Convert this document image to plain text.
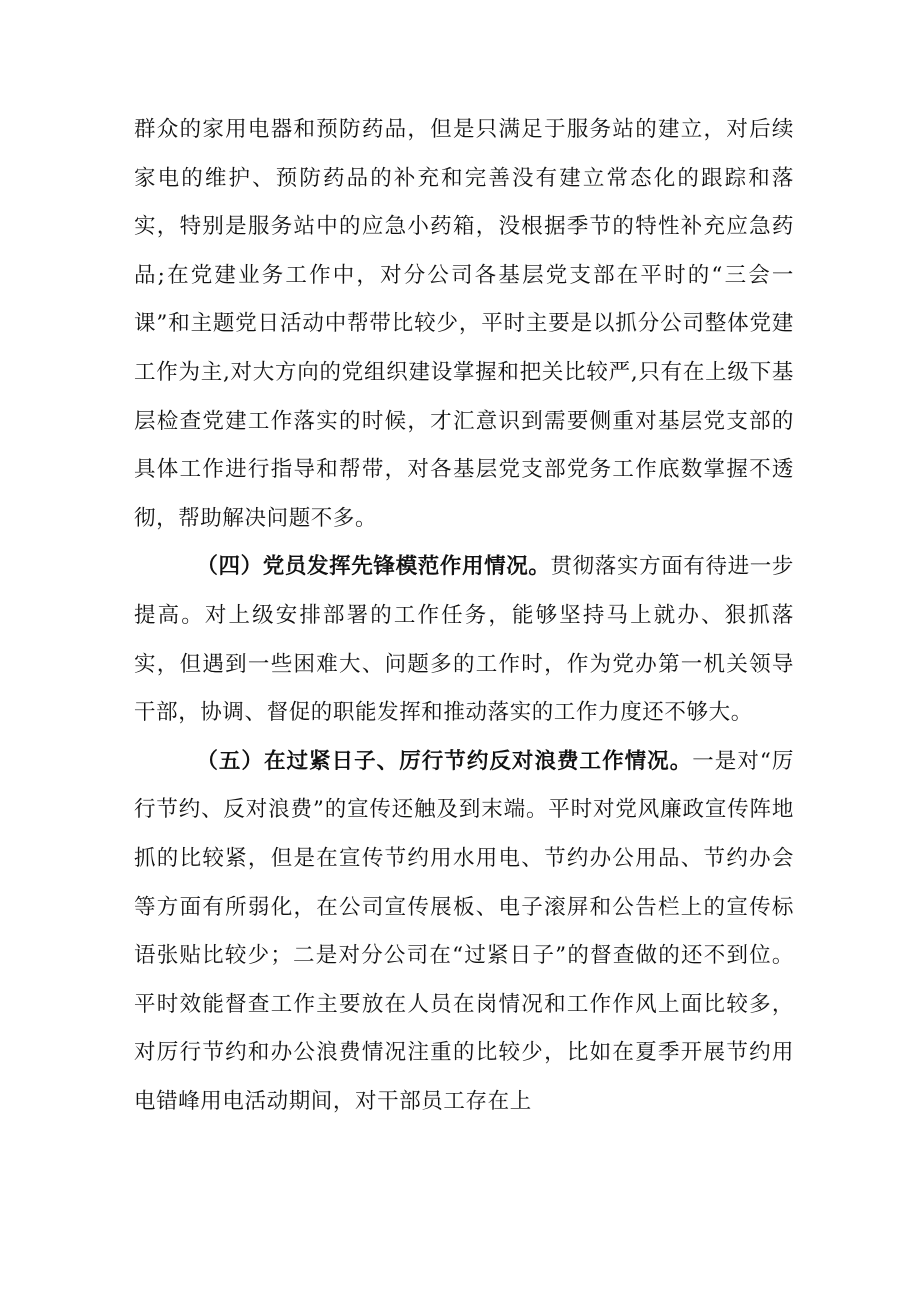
群众的家用电器和预防药品，但是只满足于服务站的建立，对后续家电的维护、预防药品的补充和完善没有建立常态化的跟踪和落实，特别是服务站中的应急小药箱，没根据季节的特性补充应急药品;在党建业务工作中，对分公司各基层党支部在平时的“三会一课”和主题党日活动中帮带比较少，平时主要是以抓分公司整体党建工作为主,对大方向的党组织建设掌握和把关比较严,只有在上级下基层检查党建工作落实的时候，才汇意识到需要侧重对基层党支部的具体工作进行指导和帮带，对各基层党支部党务工作底数掌握不透彻，帮助解决问题不多。

（四）党员发挥先锋模范作用情况。贯彻落实方面有待进一步提高。对上级安排部署的工作任务，能够坚持马上就办、狠抓落实，但遇到一些困难大、问题多的工作时，作为党办第一机关领导干部，协调、督促的职能发挥和推动落实的工作力度还不够大。

（五）在过紧日子、厉行节约反对浪费工作情况。一是对“厉行节约、反对浪费”的宣传还触及到末端。平时对党风廉政宣传阵地抓的比较紧，但是在宣传节约用水用电、节约办公用品、节约办会等方面有所弱化，在公司宣传展板、电子滚屏和公告栏上的宣传标语张贴比较少；二是对分公司在“过紧日子”的督查做的还不到位。平时效能督查工作主要放在人员在岗情况和工作作风上面比较多，对厉行节约和办公浪费情况注重的比较少，比如在夏季开展节约用电错峰用电活动期间，对干部员工存在上
